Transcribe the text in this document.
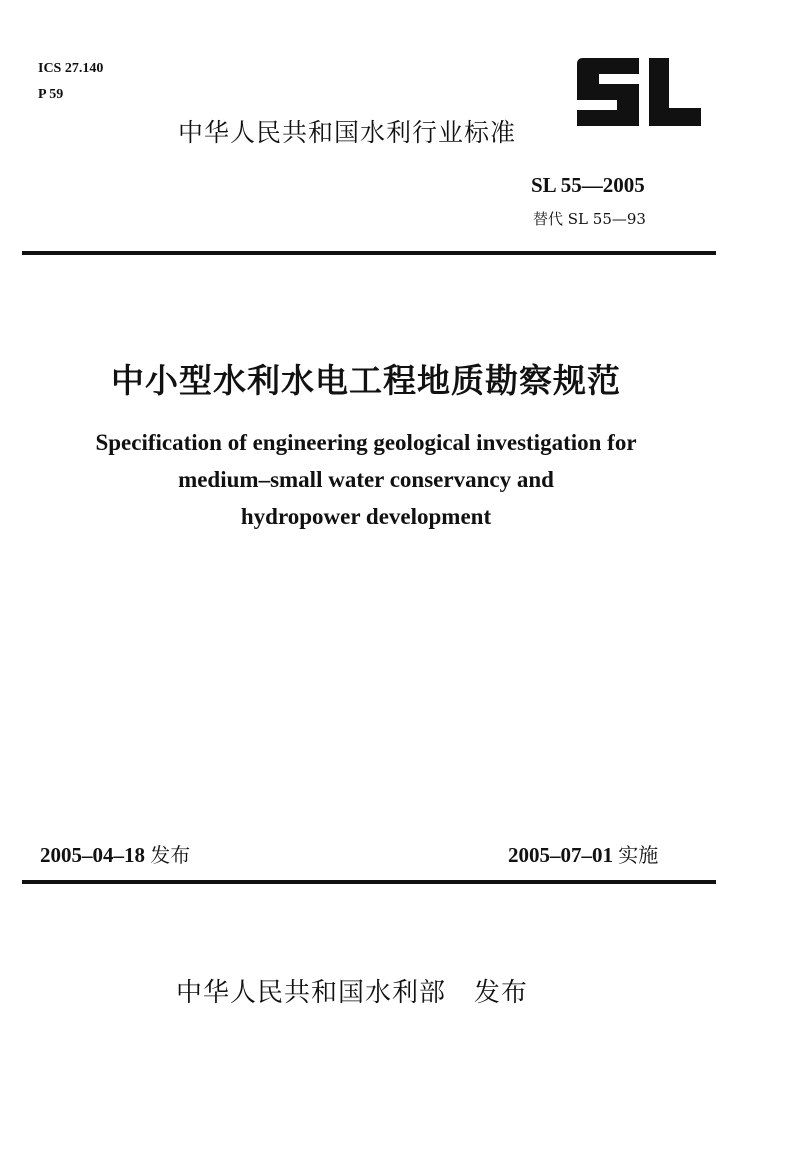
ICS 27.140
P 59
中华人民共和国水利行业标准
SL 55—2005
替代 SL 55—93
中小型水利水电工程地质勘察规范
Specification of engineering geological investigation for
medium–small water conservancy and
hydropower development
2005–04–18 发布	2005–07–01 实施
中华人民共和国水利部 发布
